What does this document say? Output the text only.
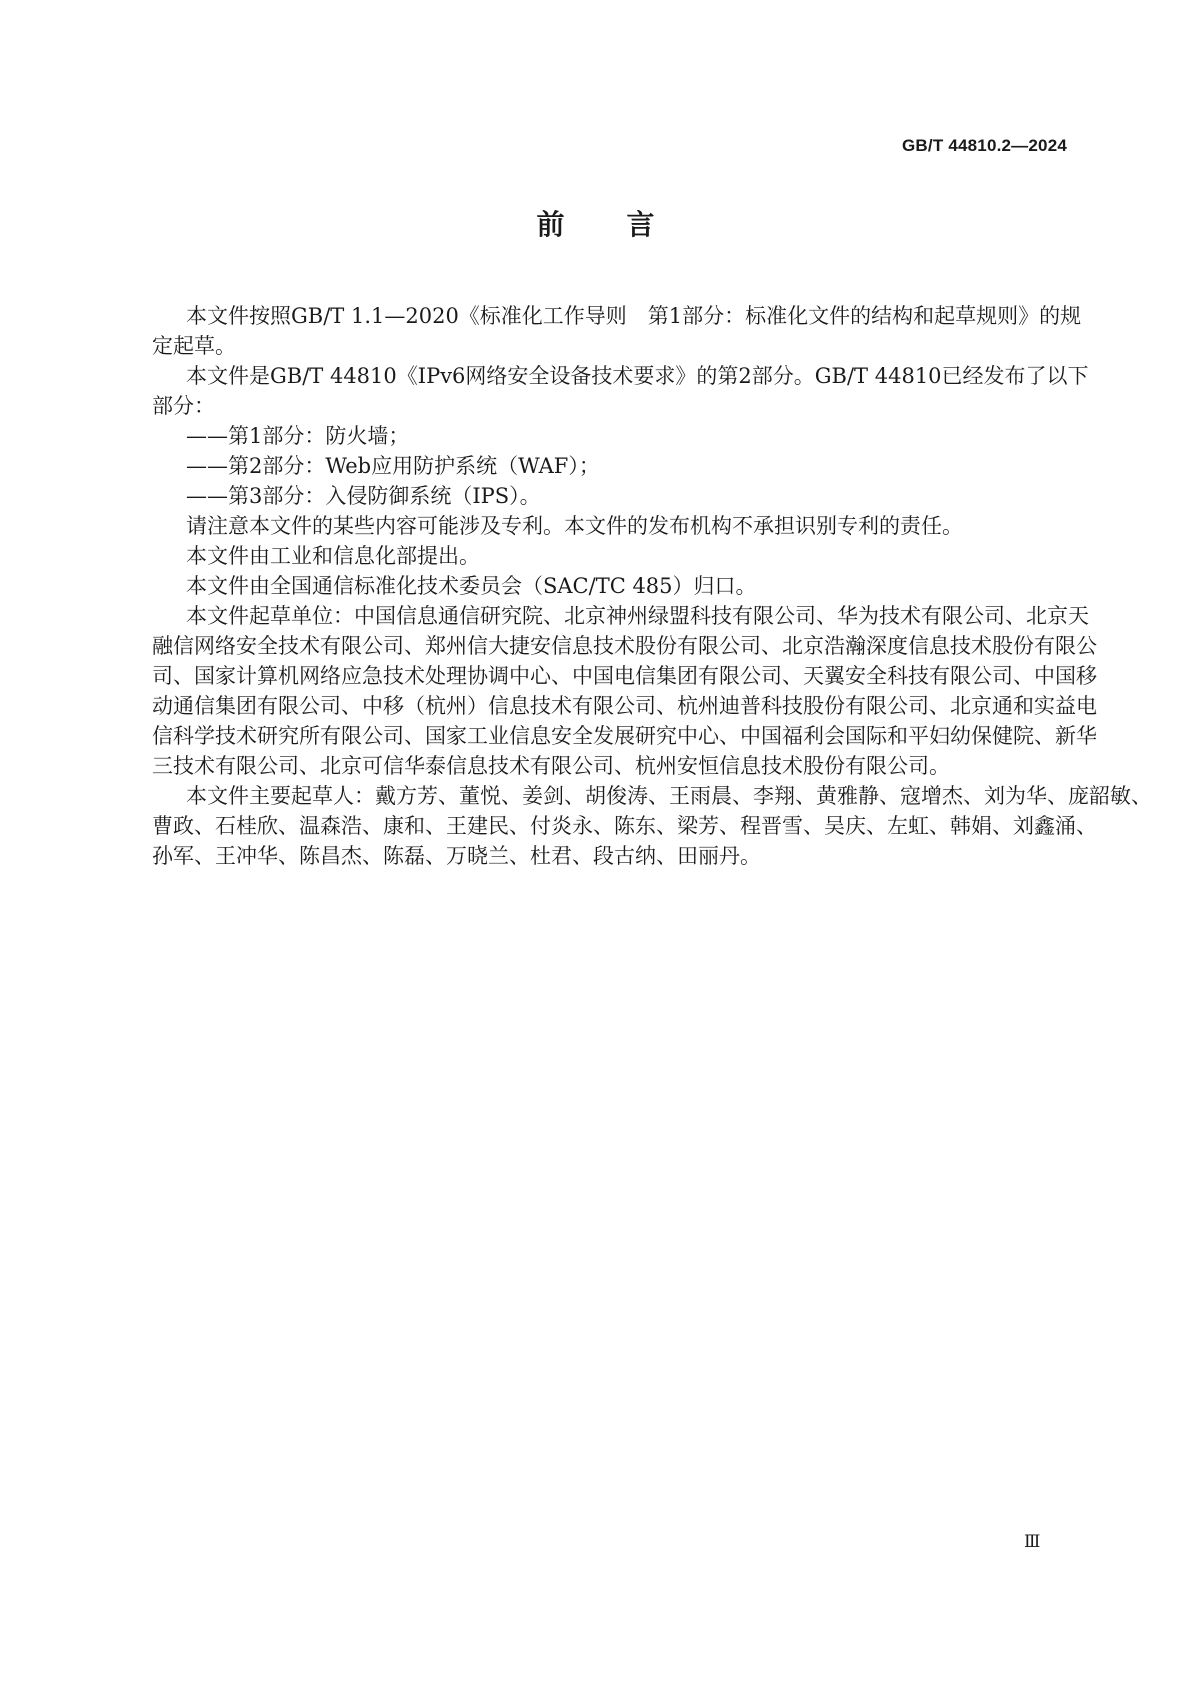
GB/T 44810.2—2024
前 言
本文件按照GB/T 1.1—2020《标准化工作导则　第1部分：标准化文件的结构和起草规则》的规
定起草。
本文件是GB/T 44810《IPv6网络安全设备技术要求》的第2部分。GB/T 44810已经发布了以下
部分：
——第1部分：防火墙；
——第2部分：Web应用防护系统（WAF）；
——第3部分：入侵防御系统（IPS）。
请注意本文件的某些内容可能涉及专利。本文件的发布机构不承担识别专利的责任。
本文件由工业和信息化部提出。
本文件由全国通信标准化技术委员会（SAC/TC 485）归口。
本文件起草单位：中国信息通信研究院、北京神州绿盟科技有限公司、华为技术有限公司、北京天
融信网络安全技术有限公司、郑州信大捷安信息技术股份有限公司、北京浩瀚深度信息技术股份有限公
司、国家计算机网络应急技术处理协调中心、中国电信集团有限公司、天翼安全科技有限公司、中国移
动通信集团有限公司、中移（杭州）信息技术有限公司、杭州迪普科技股份有限公司、北京通和实益电
信科学技术研究所有限公司、国家工业信息安全发展研究中心、中国福利会国际和平妇幼保健院、新华
三技术有限公司、北京可信华泰信息技术有限公司、杭州安恒信息技术股份有限公司。
本文件主要起草人：戴方芳、董悦、姜剑、胡俊涛、王雨晨、李翔、黄雅静、寇增杰、刘为华、庞韶敏、
曹政、石桂欣、温森浩、康和、王建民、付炎永、陈东、梁芳、程晋雪、吴庆、左虹、韩娟、刘鑫涌、
孙军、王冲华、陈昌杰、陈磊、万晓兰、杜君、段古纳、田丽丹。
Ⅲ
